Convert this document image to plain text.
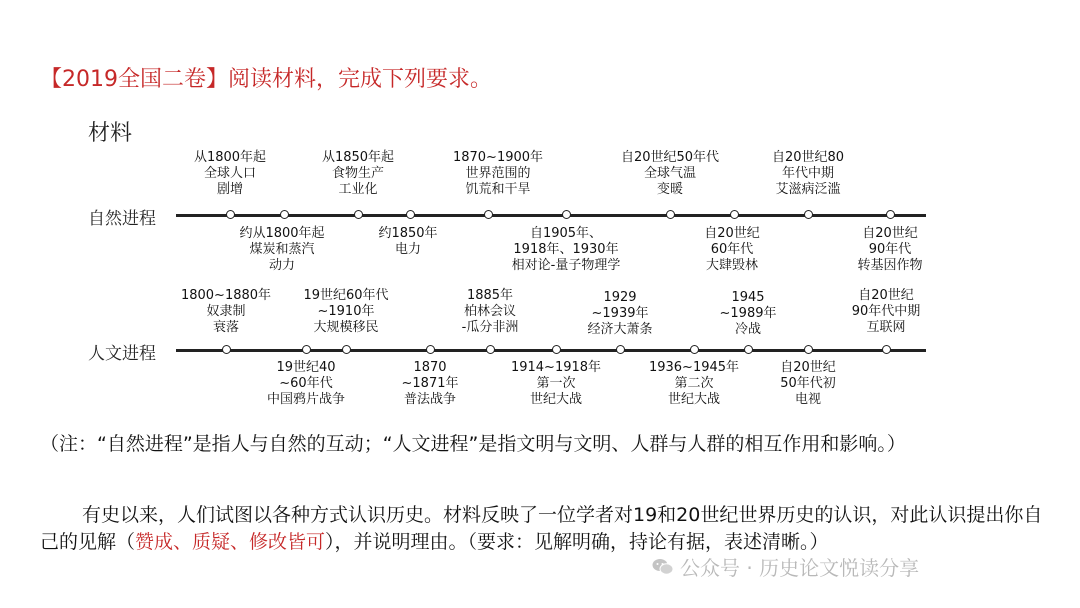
【2019全国二卷】阅读材料，完成下列要求。
材料
自然进程
从1800年起
全球人口
剧增
从1850年起
食物生产
工业化
1870~1900年
世界范围的
饥荒和干旱
自20世纪50年代
全球气温
变暖
自20世纪80
年代中期
艾滋病泛滥
约从1800年起
煤炭和蒸汽
动力
约1850年
电力
自1905年、
1918年、1930年
相对论-量子物理学
自20世纪
60年代
大肆毁林
自20世纪
90年代
转基因作物
人文进程
1800~1880年
奴隶制
衰落
19世纪60年代
~1910年
大规模移民
1885年
柏林会议
-瓜分非洲
1929
~1939年
经济大萧条
1945
~1989年
冷战
自20世纪
90年代中期
互联网
19世纪40
~60年代
中国鸦片战争
1870
~1871年
普法战争
1914~1918年
第一次
世纪大战
1936~1945年
第二次
世纪大战
自20世纪
50年代初
电视
（注：“自然进程”是指人与自然的互动；“人文进程”是指文明与文明、人群与人群的相互作用和影响。）
有史以来，人们试图以各种方式认识历史。材料反映了一位学者对19和20世纪世界历史的认识，对此认识提出你自己的见解（赞成、质疑、修改皆可），并说明理由。（要求：见解明确，持论有据，表述清晰。）
公众号 · 历史论文悦读分享
